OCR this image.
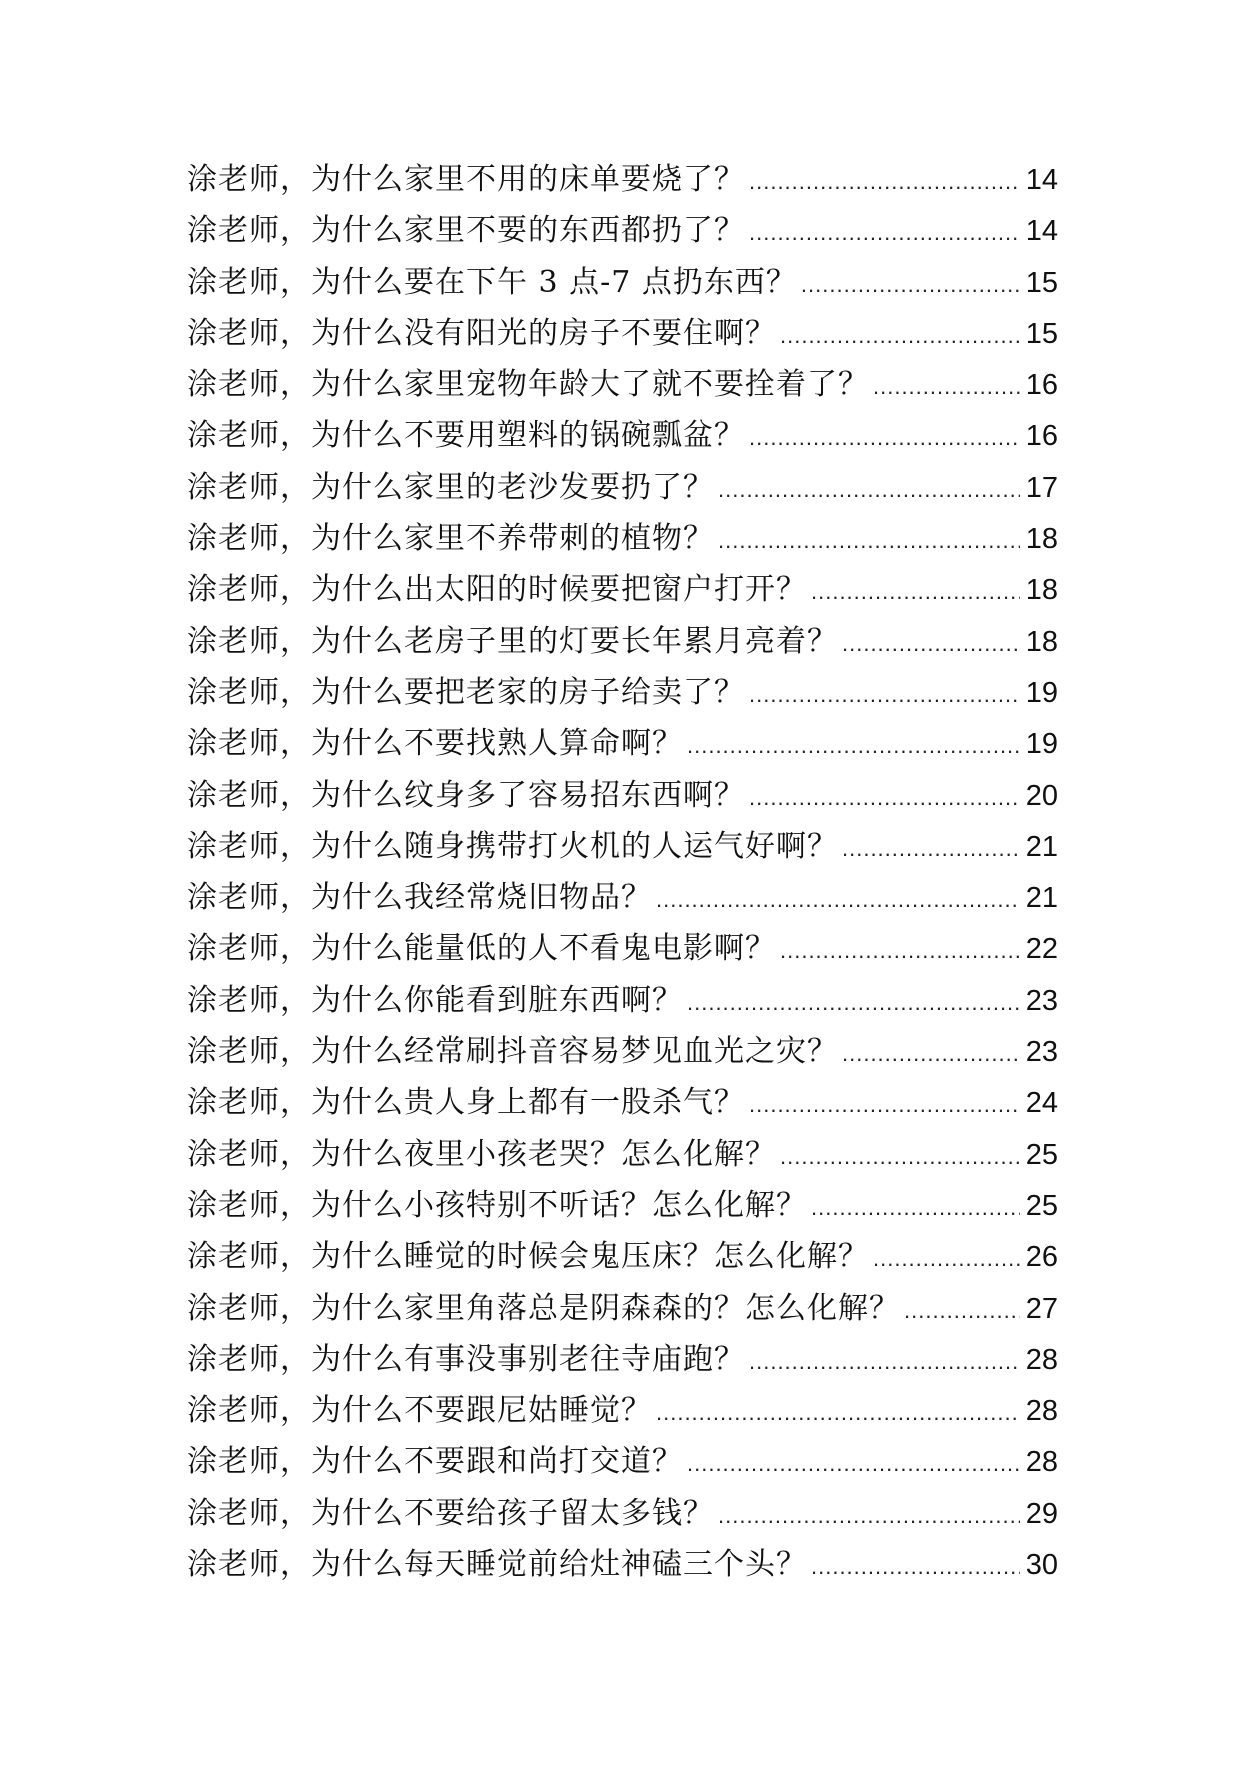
涂老师，为什么家里不用的床单要烧了？ .....	14
涂老师，为什么家里不要的东西都扔了？ .....	14
涂老师，为什么要在下午 3 点-7 点扔东西？ .....	15
涂老师，为什么没有阳光的房子不要住啊？ .....	15
涂老师，为什么家里宠物年龄大了就不要拴着了？ .....	16
涂老师，为什么不要用塑料的锅碗瓢盆？ .....	16
涂老师，为什么家里的老沙发要扔了？ .....	17
涂老师，为什么家里不养带刺的植物？ .....	18
涂老师，为什么出太阳的时候要把窗户打开？ .....	18
涂老师，为什么老房子里的灯要长年累月亮着？ .....	18
涂老师，为什么要把老家的房子给卖了？ .....	19
涂老师，为什么不要找熟人算命啊？ .....	19
涂老师，为什么纹身多了容易招东西啊？ .....	20
涂老师，为什么随身携带打火机的人运气好啊？ .....	21
涂老师，为什么我经常烧旧物品？ .....	21
涂老师，为什么能量低的人不看鬼电影啊？ .....	22
涂老师，为什么你能看到脏东西啊？ .....	23
涂老师，为什么经常刷抖音容易梦见血光之灾？ .....	23
涂老师，为什么贵人身上都有一股杀气？ .....	24
涂老师，为什么夜里小孩老哭？怎么化解？ .....	25
涂老师，为什么小孩特别不听话？怎么化解？ .....	25
涂老师，为什么睡觉的时候会鬼压床？怎么化解？ .....	26
涂老师，为什么家里角落总是阴森森的？怎么化解？ .....	27
涂老师，为什么有事没事别老往寺庙跑？ .....	28
涂老师，为什么不要跟尼姑睡觉？ .....	28
涂老师，为什么不要跟和尚打交道？ .....	28
涂老师，为什么不要给孩子留太多钱？ .....	29
涂老师，为什么每天睡觉前给灶神磕三个头？ .....	30
